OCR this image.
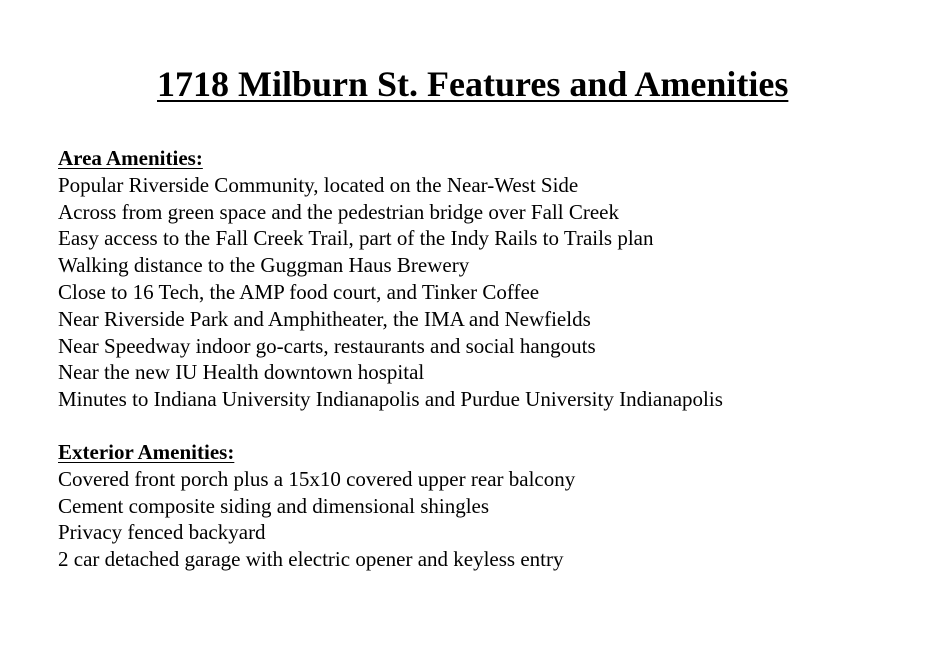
1718 Milburn St. Features and Amenities
Area Amenities:
Popular Riverside Community, located on the Near-West Side
Across from green space and the pedestrian bridge over Fall Creek
Easy access to the Fall Creek Trail, part of the Indy Rails to Trails plan
Walking distance to the Guggman Haus Brewery
Close to 16 Tech, the AMP food court, and Tinker Coffee
Near Riverside Park and Amphitheater, the IMA and Newfields
Near Speedway indoor go-carts, restaurants and social hangouts
Near the new IU Health downtown hospital
Minutes to Indiana University Indianapolis and Purdue University Indianapolis
Exterior Amenities:
Covered front porch plus a 15x10 covered upper rear balcony
Cement composite siding and dimensional shingles
Privacy fenced backyard
2 car detached garage with electric opener and keyless entry
